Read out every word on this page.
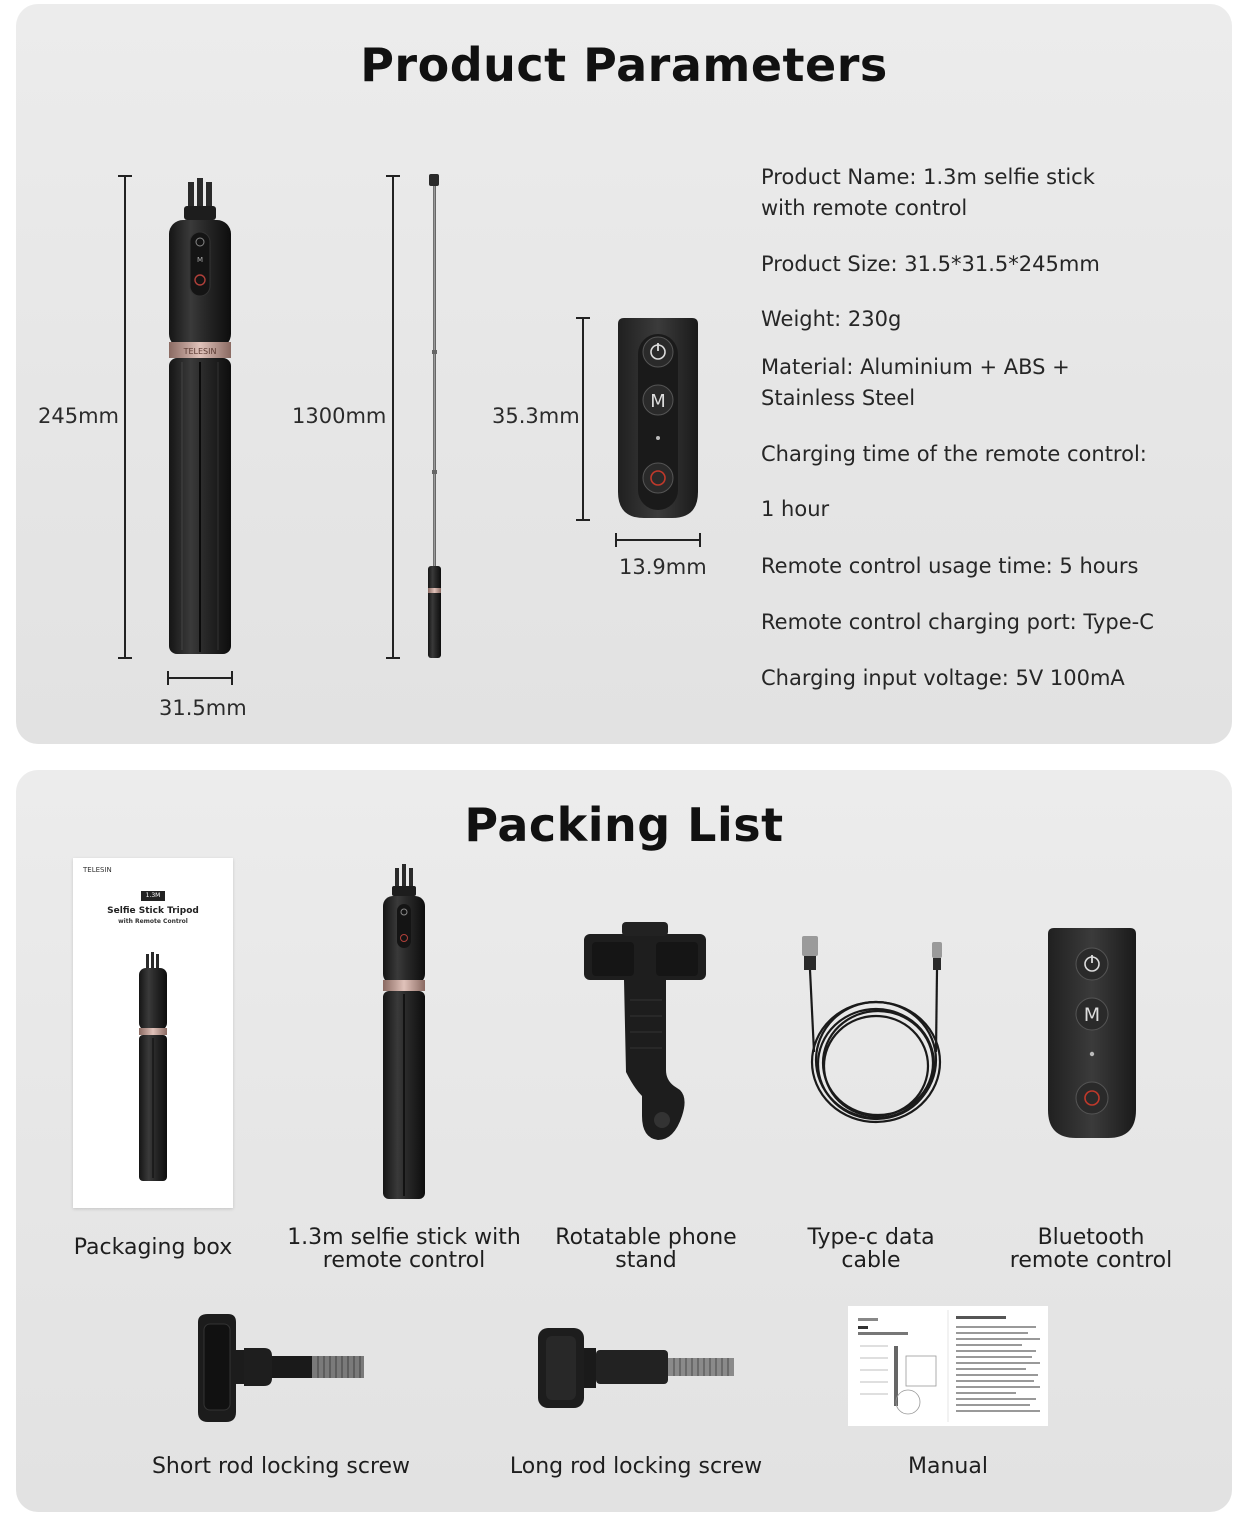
Product Parameters
245mm
M
TELESIN
31.5mm
1300mm	35.3mm
M
13.9mm

Product Name: 1.3m selfie stick
with remote control

Product Size: 31.5*31.5*245mm

Weight: 230g

Material: Aluminium + ABS +
Stainless Steel

Charging time of the remote control:

1 hour

Remote control usage time: 5 hours

Remote control charging port: Type-C

Charging input voltage: 5V 100mA

Packing List
TELESIN
1.3M
Selfie Stick Tripod
with Remote Control
M
Packaging box	1.3m selfie stick with
remote control
Rotatable phone
stand
Type-c data
cable
Bluetooth
remote control
Short rod locking screw	Long rod locking screw	Manual
